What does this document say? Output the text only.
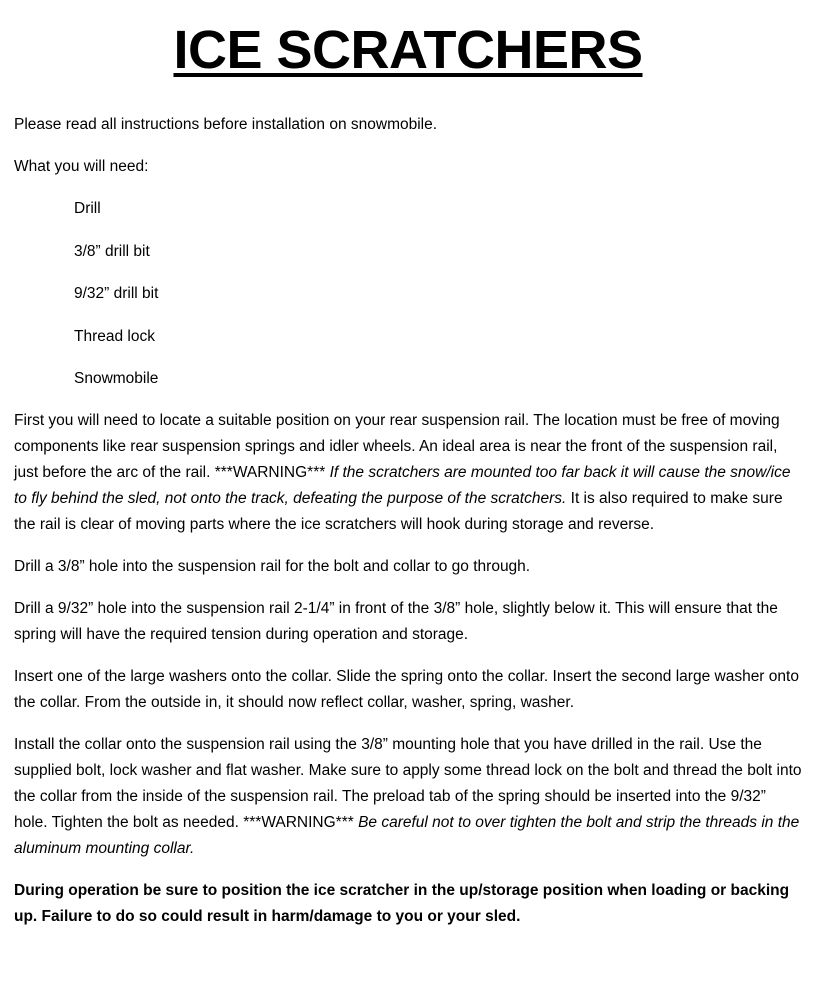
ICE SCRATCHERS

Please read all instructions before installation on snowmobile.

What you will need:

Drill
3/8” drill bit
9/32” drill bit
Thread lock
Snowmobile

First you will need to locate a suitable position on your rear suspension rail. The location must be free of moving components like rear suspension springs and idler wheels. An ideal area is near the front of the suspension rail, just before the arc of the rail. ***WARNING*** If the scratchers are mounted too far back it will cause the snow/ice to fly behind the sled, not onto the track, defeating the purpose of the scratchers. It is also required to make sure the rail is clear of moving parts where the ice scratchers will hook during storage and reverse.

Drill a 3/8” hole into the suspension rail for the bolt and collar to go through.

Drill a 9/32” hole into the suspension rail 2-1/4” in front of the 3/8” hole, slightly below it. This will ensure that the spring will have the required tension during operation and storage.

Insert one of the large washers onto the collar. Slide the spring onto the collar. Insert the second large washer onto the collar. From the outside in, it should now reflect collar, washer, spring, washer.

Install the collar onto the suspension rail using the 3/8” mounting hole that you have drilled in the rail. Use the supplied bolt, lock washer and flat washer. Make sure to apply some thread lock on the bolt and thread the bolt into the collar from the inside of the suspension rail. The preload tab of the spring should be inserted into the 9/32” hole. Tighten the bolt as needed. ***WARNING*** Be careful not to over tighten the bolt and strip the threads in the aluminum mounting collar.

During operation be sure to position the ice scratcher in the up/storage position when loading or backing up. Failure to do so could result in harm/damage to you or your sled.
